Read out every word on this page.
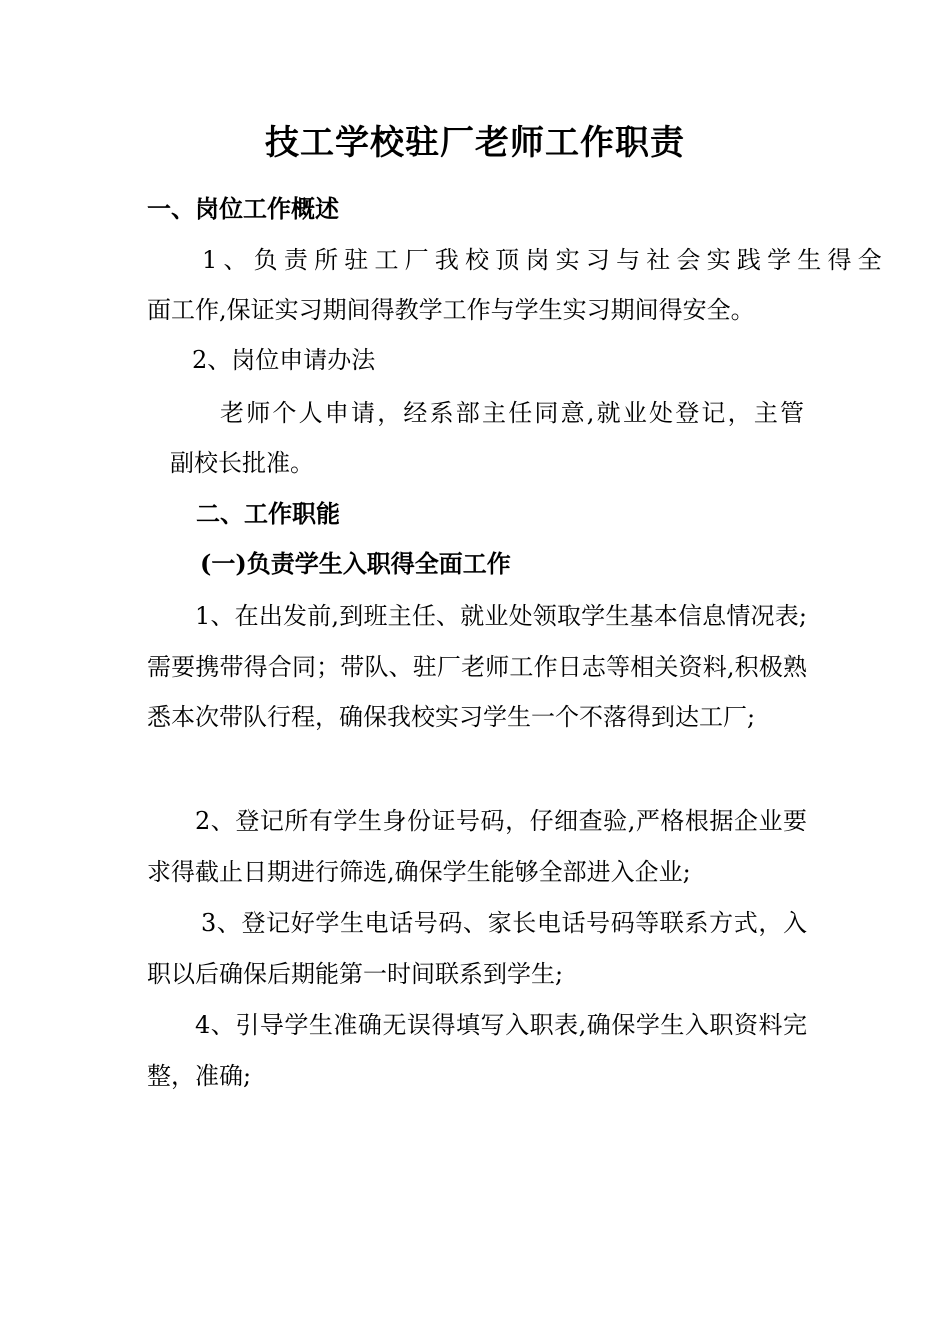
技工学校驻厂老师工作职责
一、岗位工作概述
1、负责所驻工厂我校顶岗实习与社会实践学生得全
面工作,保证实习期间得教学工作与学生实习期间得安全。
2、岗位申请办法
老师个人申请，经系部主任同意,就业处登记，主管
副校长批准。
二、工作职能
(一)负责学生入职得全面工作
1、在出发前,到班主任、就业处领取学生基本信息情况表;需要携带得合同；带队、驻厂老师工作日志等相关资料,积极熟悉本次带队行程，确保我校实习学生一个不落得到达工厂;
2、登记所有学生身份证号码，仔细查验,严格根据企业要求得截止日期进行筛选,确保学生能够全部进入企业;
3、登记好学生电话号码、家长电话号码等联系方式，入职以后确保后期能第一时间联系到学生;
4、引导学生准确无误得填写入职表,确保学生入职资料完整，准确;
